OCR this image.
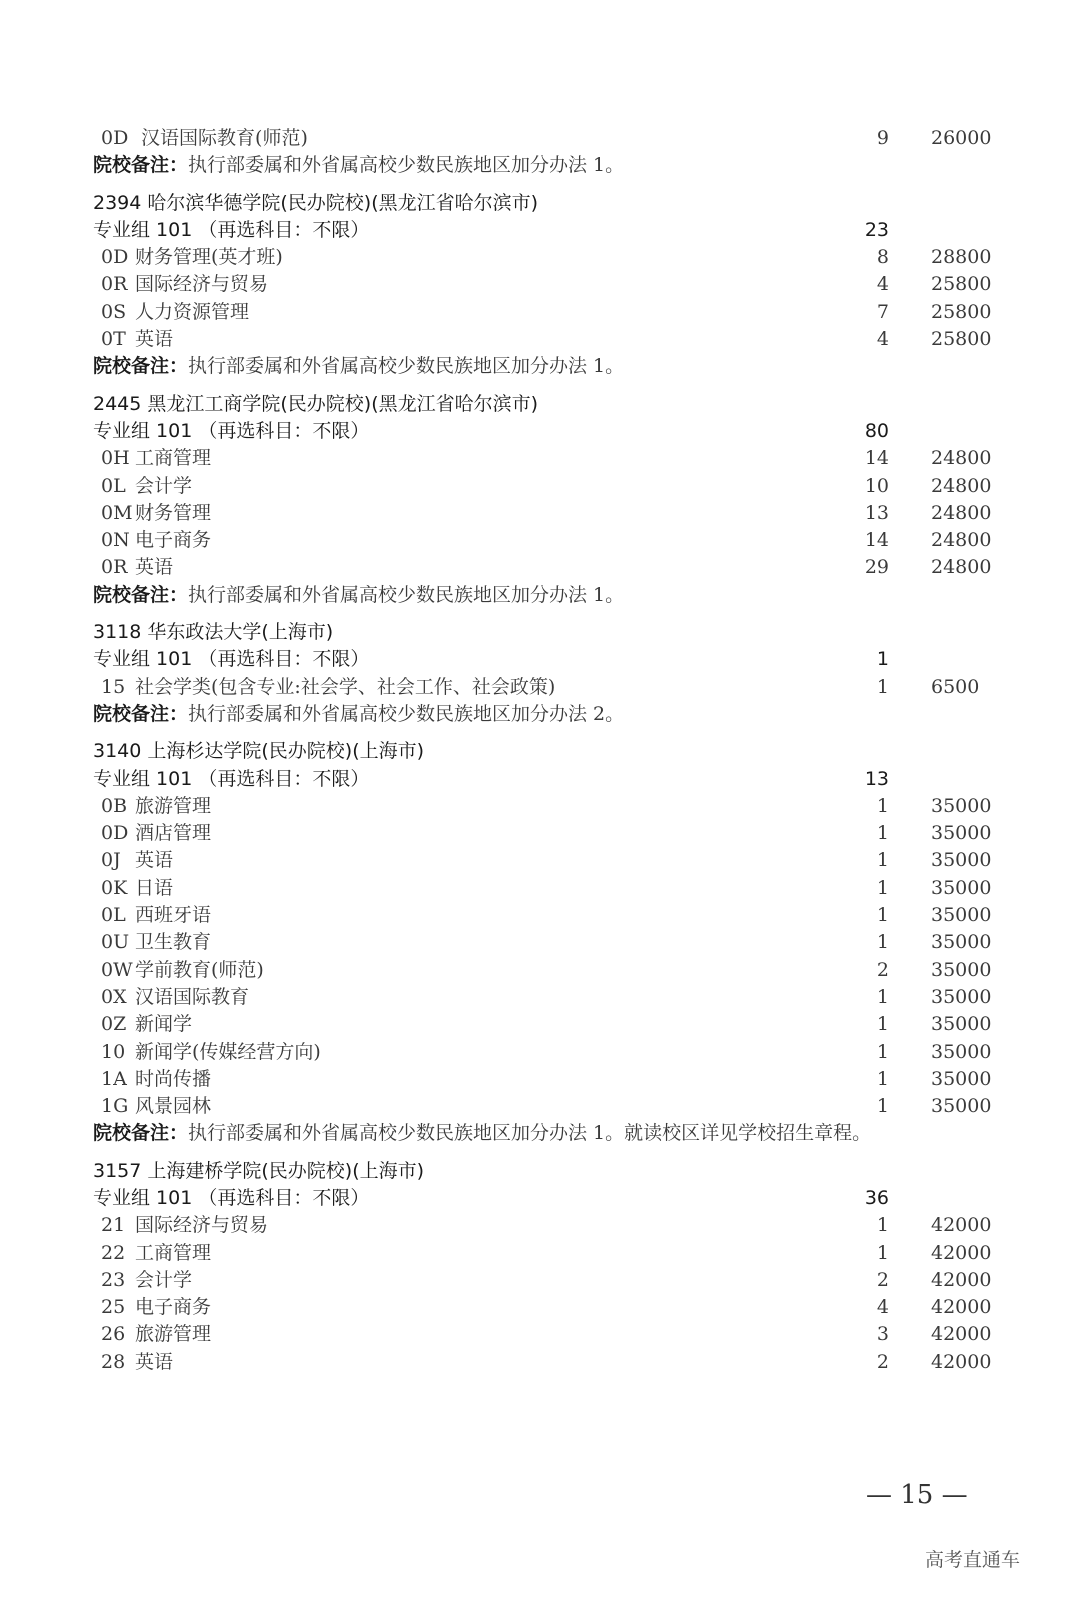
0D 汉语国际教育(师范)	9 26000
院校备注：执行部委属和外省属高校少数民族地区加分办法 1。
2394 哈尔滨华德学院(民办院校)(黑龙江省哈尔滨市)
专业组 101 （再选科目：不限）	23
0D 财务管理(英才班)	8 28800
0R 国际经济与贸易	4 25800
0S 人力资源管理	7 25800
0T 英语	4 25800
院校备注：执行部委属和外省属高校少数民族地区加分办法 1。
2445 黑龙江工商学院(民办院校)(黑龙江省哈尔滨市)
专业组 101 （再选科目：不限）	80
0H 工商管理	14 24800
0L 会计学	10 24800
0M 财务管理	13 24800
0N 电子商务	14 24800
0R 英语	29 24800
院校备注：执行部委属和外省属高校少数民族地区加分办法 1。
3118 华东政法大学(上海市)
专业组 101 （再选科目：不限）	1
15 社会学类(包含专业:社会学、社会工作、社会政策)	1 6500
院校备注：执行部委属和外省属高校少数民族地区加分办法 2。
3140 上海杉达学院(民办院校)(上海市)
专业组 101 （再选科目：不限）	13
0B 旅游管理	1 35000
0D 酒店管理	1 35000
0J 英语	1 35000
0K 日语	1 35000
0L 西班牙语	1 35000
0U 卫生教育	1 35000
0W 学前教育(师范)	2 35000
0X 汉语国际教育	1 35000
0Z 新闻学	1 35000
10 新闻学(传媒经营方向)	1 35000
1A 时尚传播	1 35000
1G 风景园林	1 35000
院校备注：执行部委属和外省属高校少数民族地区加分办法 1。就读校区详见学校招生章程。
3157 上海建桥学院(民办院校)(上海市)
专业组 101 （再选科目：不限）	36
21 国际经济与贸易	1 42000
22 工商管理	1 42000
23 会计学	2 42000
25 电子商务	4 42000
26 旅游管理	3 42000
28 英语	2 42000
— 15 —
高考直通车
